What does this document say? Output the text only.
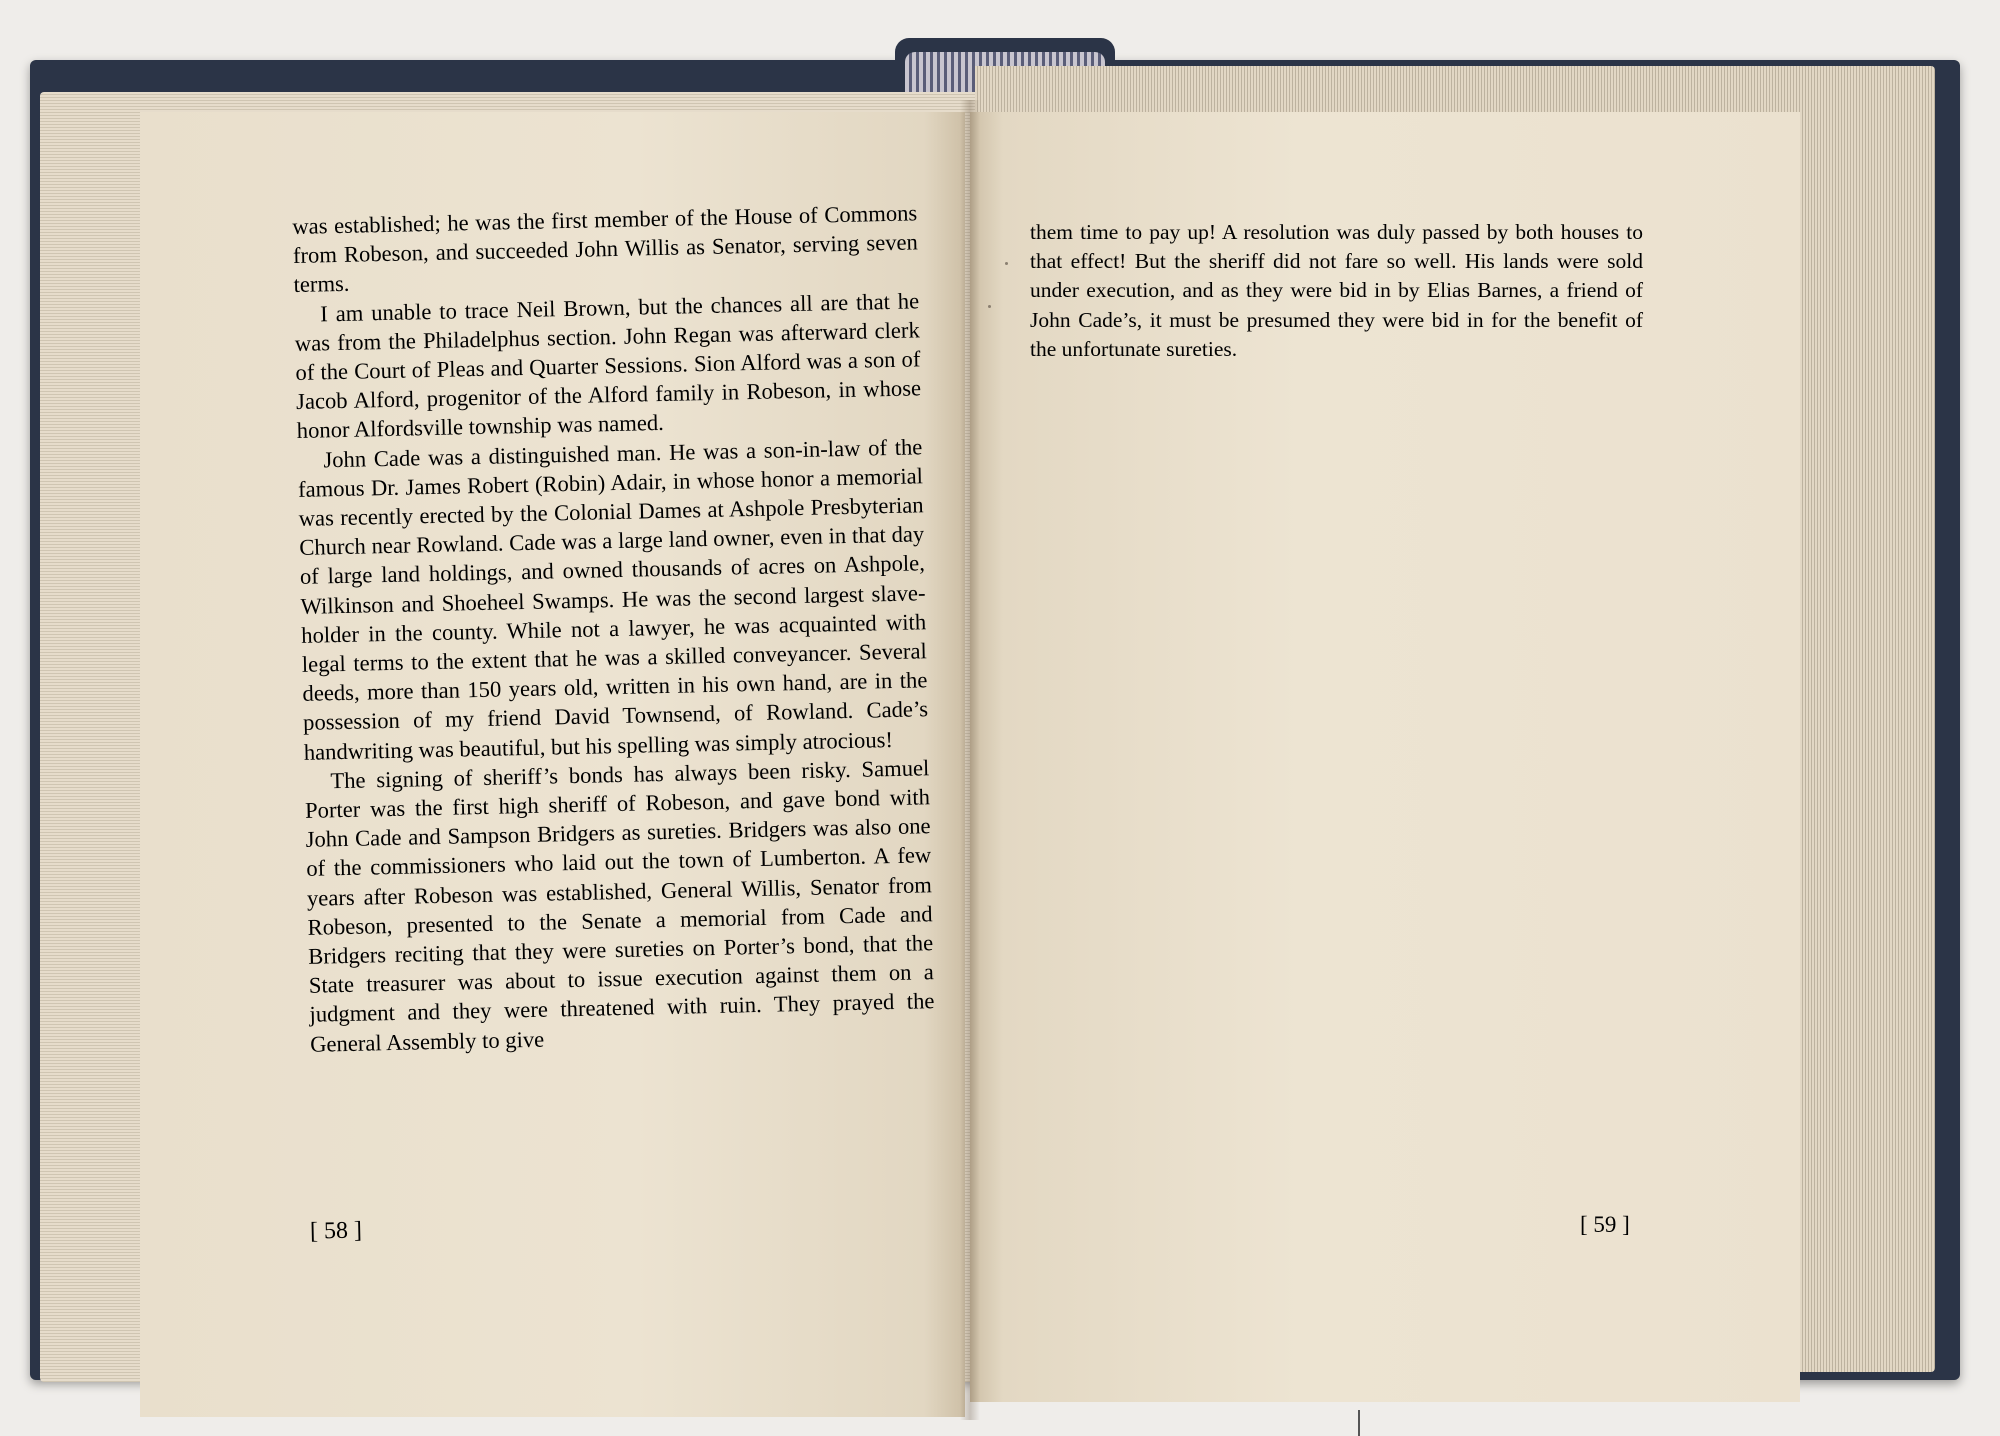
was established; he was the first member of the House of Commons from Robeson, and succeeded John Willis as Senator, serving seven terms.

I am unable to trace Neil Brown, but the chances all are that he was from the Philadelphus section. John Regan was afterward clerk of the Court of Pleas and Quarter Sessions. Sion Alford was a son of Jacob Alford, progenitor of the Alford family in Robeson, in whose honor Alfordsville township was named.

John Cade was a distinguished man. He was a son-in-law of the famous Dr. James Robert (Robin) Adair, in whose honor a memorial was recently erected by the Colonial Dames at Ashpole Presbyterian Church near Rowland. Cade was a large land owner, even in that day of large land holdings, and owned thousands of acres on Ashpole, Wilkinson and Shoeheel Swamps. He was the second largest slave-holder in the county. While not a lawyer, he was acquainted with legal terms to the extent that he was a skilled conveyancer. Several deeds, more than 150 years old, written in his own hand, are in the possession of my friend David Townsend, of Rowland. Cade’s handwriting was beautiful, but his spelling was simply atrocious!

The signing of sheriff’s bonds has always been risky. Samuel Porter was the first high sheriff of Robeson, and gave bond with John Cade and Sampson Bridgers as sureties. Bridgers was also one of the commissioners who laid out the town of Lumberton. A few years after Robeson was established, General Willis, Senator from Robeson, presented to the Senate a memorial from Cade and Bridgers reciting that they were sureties on Porter’s bond, that the State treasurer was about to issue execution against them on a judgment and they were threatened with ruin. They prayed the General Assembly to give

[ 58 ]

them time to pay up! A resolution was duly passed by both houses to that effect! But the sheriff did not fare so well. His lands were sold under execution, and as they were bid in by Elias Barnes, a friend of John Cade’s, it must be presumed they were bid in for the benefit of the unfortunate sureties.

[ 59 ]
